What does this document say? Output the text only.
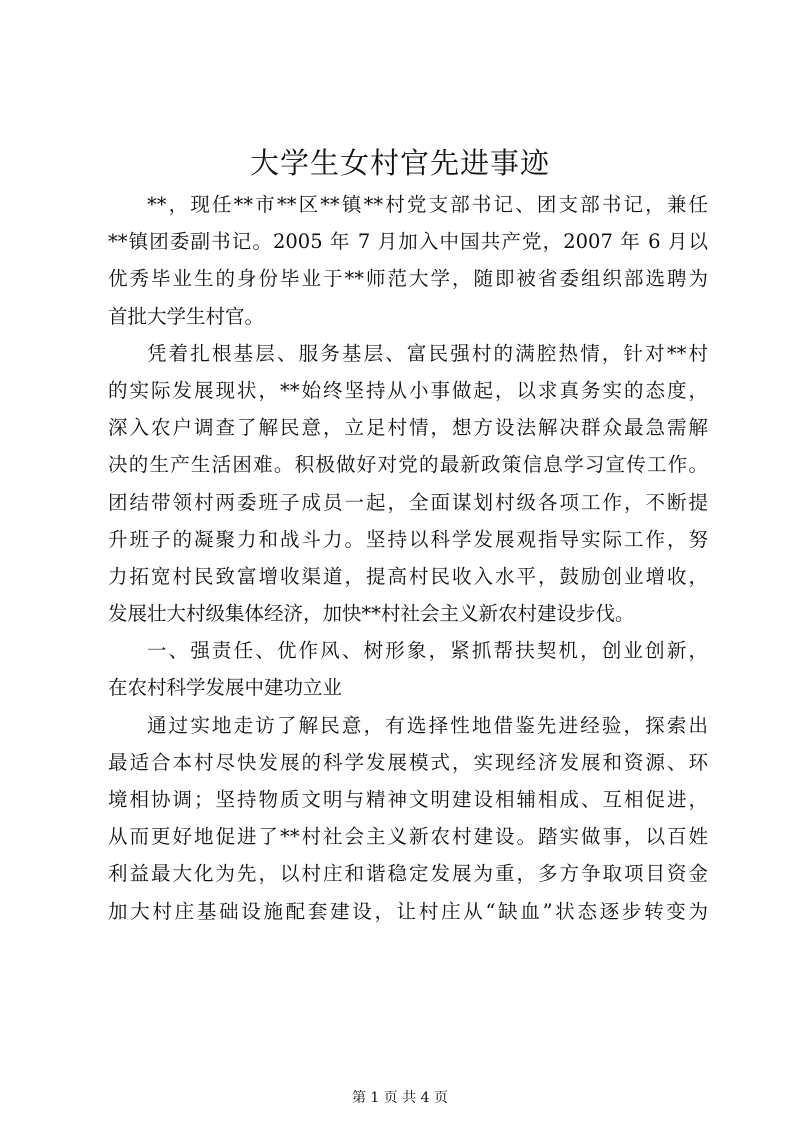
大学生女村官先进事迹
**，现任**市**区**镇**村党支部书记、团支部书记，兼任
**镇团委副书记。2005 年 7 月加入中国共产党，2007 年 6 月以
优秀毕业生的身份毕业于**师范大学，随即被省委组织部选聘为
首批大学生村官。
凭着扎根基层、服务基层、富民强村的满腔热情，针对**村
的实际发展现状，**始终坚持从小事做起，以求真务实的态度，
深入农户调查了解民意，立足村情，想方设法解决群众最急需解
决的生产生活困难。积极做好对党的最新政策信息学习宣传工作。
团结带领村两委班子成员一起，全面谋划村级各项工作，不断提
升班子的凝聚力和战斗力。坚持以科学发展观指导实际工作，努
力拓宽村民致富增收渠道，提高村民收入水平，鼓励创业增收，
发展壮大村级集体经济，加快**村社会主义新农村建设步伐。
一、强责任、优作风、树形象，紧抓帮扶契机，创业创新，
在农村科学发展中建功立业
通过实地走访了解民意，有选择性地借鉴先进经验，探索出
最适合本村尽快发展的科学发展模式，实现经济发展和资源、环
境相协调；坚持物质文明与精神文明建设相辅相成、互相促进，
从而更好地促进了**村社会主义新农村建设。踏实做事，以百姓
利益最大化为先，以村庄和谐稳定发展为重，多方争取项目资金
加大村庄基础设施配套建设，让村庄从“缺血”状态逐步转变为
第 1 页 共 4 页
